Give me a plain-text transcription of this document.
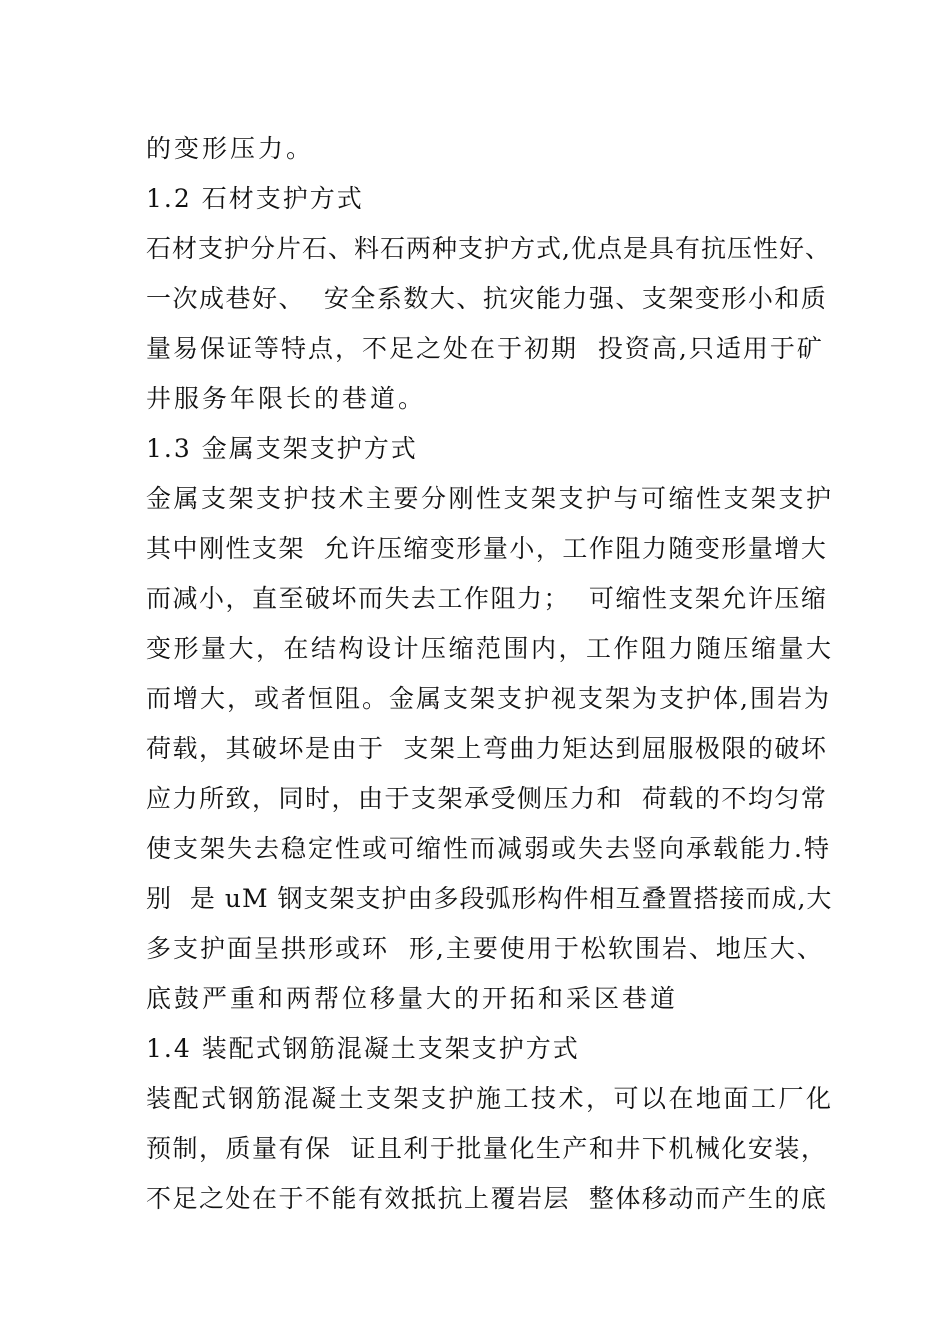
的变形压力。
1.2 石材支护方式
石材支护分片石、料石两种支护方式,优点是具有抗压性好、
一次成巷好、  安全系数大、抗灾能力强、支架变形小和质
量易保证等特点，不足之处在于初期  投资高,只适用于矿
井服务年限长的巷道。
1.3 金属支架支护方式
金属支架支护技术主要分刚性支架支护与可缩性支架支护
其中刚性支架  允许压缩变形量小，工作阻力随变形量增大
而减小，直至破坏而失去工作阻力；  可缩性支架允许压缩
变形量大，在结构设计压缩范围内，工作阻力随压缩量大
而增大，或者恒阻。金属支架支护视支架为支护体,围岩为
荷载，其破坏是由于  支架上弯曲力矩达到屈服极限的破坏
应力所致，同时，由于支架承受侧压力和  荷载的不均匀常
使支架失去稳定性或可缩性而减弱或失去竖向承载能力.特
别  是 uM 钢支架支护由多段弧形构件相互叠置搭接而成,大
多支护面呈拱形或环  形,主要使用于松软围岩、地压大、
底鼓严重和两帮位移量大的开拓和采区巷道
1.4 装配式钢筋混凝土支架支护方式
装配式钢筋混凝土支架支护施工技术，可以在地面工厂化
预制，质量有保  证且利于批量化生产和井下机械化安装，
不足之处在于不能有效抵抗上覆岩层  整体移动而产生的底
